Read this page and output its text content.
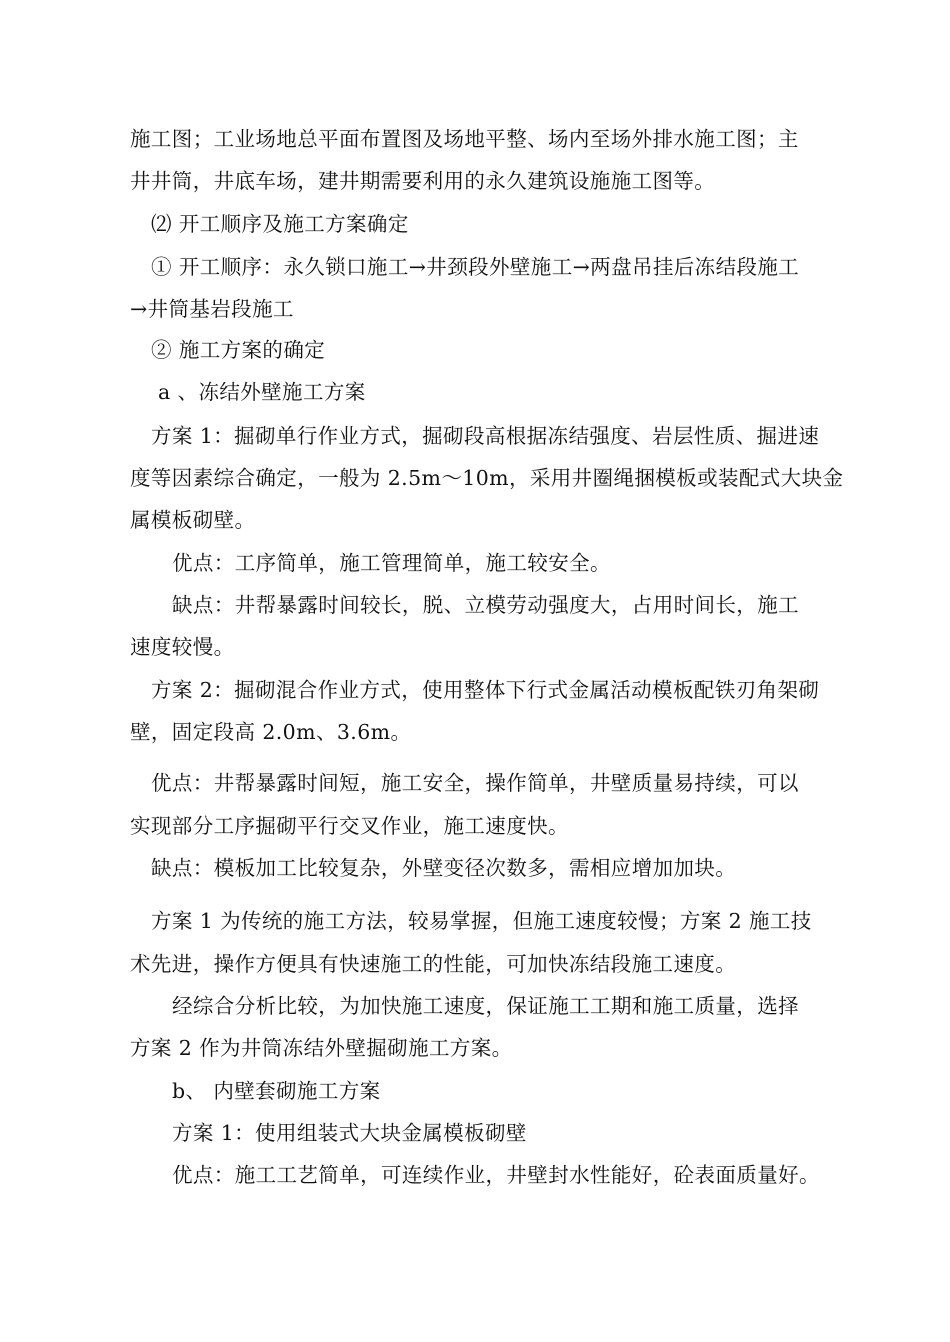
施工图；工业场地总平面布置图及场地平整、场内至场外排水施工图；主
井井筒，井底车场，建井期需要利用的永久建筑设施施工图等。
⑵ 开工顺序及施工方案确定
① 开工顺序：永久锁口施工→井颈段外壁施工→两盘吊挂后冻结段施工
→井筒基岩段施工
② 施工方案的确定
a 、冻结外壁施工方案
方案 1：掘砌单行作业方式，掘砌段高根据冻结强度、岩层性质、掘进速
度等因素综合确定，一般为 2.5m～10m，采用井圈绳捆模板或装配式大块金
属模板砌壁。
优点：工序简单，施工管理简单，施工较安全。
缺点：井帮暴露时间较长，脱、立模劳动强度大，占用时间长，施工
速度较慢。
方案 2：掘砌混合作业方式，使用整体下行式金属活动模板配铁刃角架砌
壁，固定段高 2.0m、3.6m。
优点：井帮暴露时间短，施工安全，操作简单，井壁质量易持续，可以
实现部分工序掘砌平行交叉作业，施工速度快。
缺点：模板加工比较复杂，外壁变径次数多，需相应增加加块。
方案 1 为传统的施工方法，较易掌握，但施工速度较慢；方案 2 施工技
术先进，操作方便具有快速施工的性能，可加快冻结段施工速度。
经综合分析比较，为加快施工速度，保证施工工期和施工质量，选择
方案 2 作为井筒冻结外壁掘砌施工方案。
b、 内壁套砌施工方案
方案 1：使用组装式大块金属模板砌壁
优点：施工工艺简单，可连续作业，井壁封水性能好，砼表面质量好。
